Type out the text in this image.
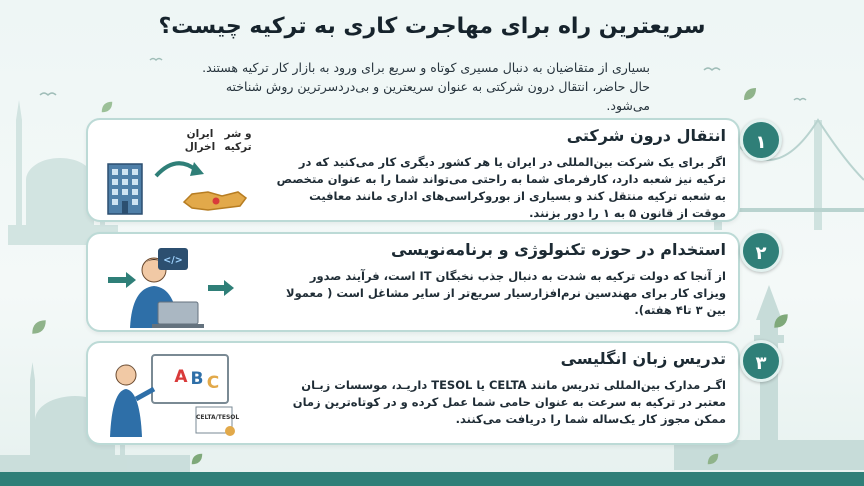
سریعترین راه برای مهاجرت کاری به ترکیه چیست؟
بسیاری از متقاضیان به دنبال مسیری کوتاه و سریع برای ورود به بازار کار ترکیه هستند.
حال حاضر، انتقال درون شرکتی به عنوان سریعترین و بی‌دردسرترین روش شناخته می‌شود.
انتقال درون شرکتی
اگر برای یک شرکت بین‌المللی در ایران یا هر کشور دیگری کار می‌کنید که در ترکیه نیز شعبه دارد، کارفرمای شما به راحتی می‌تواند شما را به عنوان متخصص به شعبه ترکیه منتقل کند و بسیاری از بوروکراسی‌های اداری مانند معافیت موقت از قانون ۵ به ۱ را دور بزنند.
ایران اخرال
و شر ترکیه	۱
استخدام در حوزه تکنولوژی و برنامه‌نویسی
از آنجا که دولت ترکیه به شدت به دنبال جذب نخبگان IT است، فرآیند صدور ویزای کار برای مهندسین نرم‌افزارسیار سریع‌تر از سایر مشاغل است ( معمولا بین ۳ تا۴ هفته).
</>	۲
تدریس زبان انگلیسی
اگـر مدارک بین‌المللی تدریس مانند CELTA یا TESOL داریـد، موسسات زبـان معتبر در ترکیه به سرعت به عنوان حامی شما عمل کرده و در کوتاه‌ترین زمان ممکن مجوز کار یک‌ساله شما را دریافت می‌کنند.
A B C
CELTA/TESOL
۳
